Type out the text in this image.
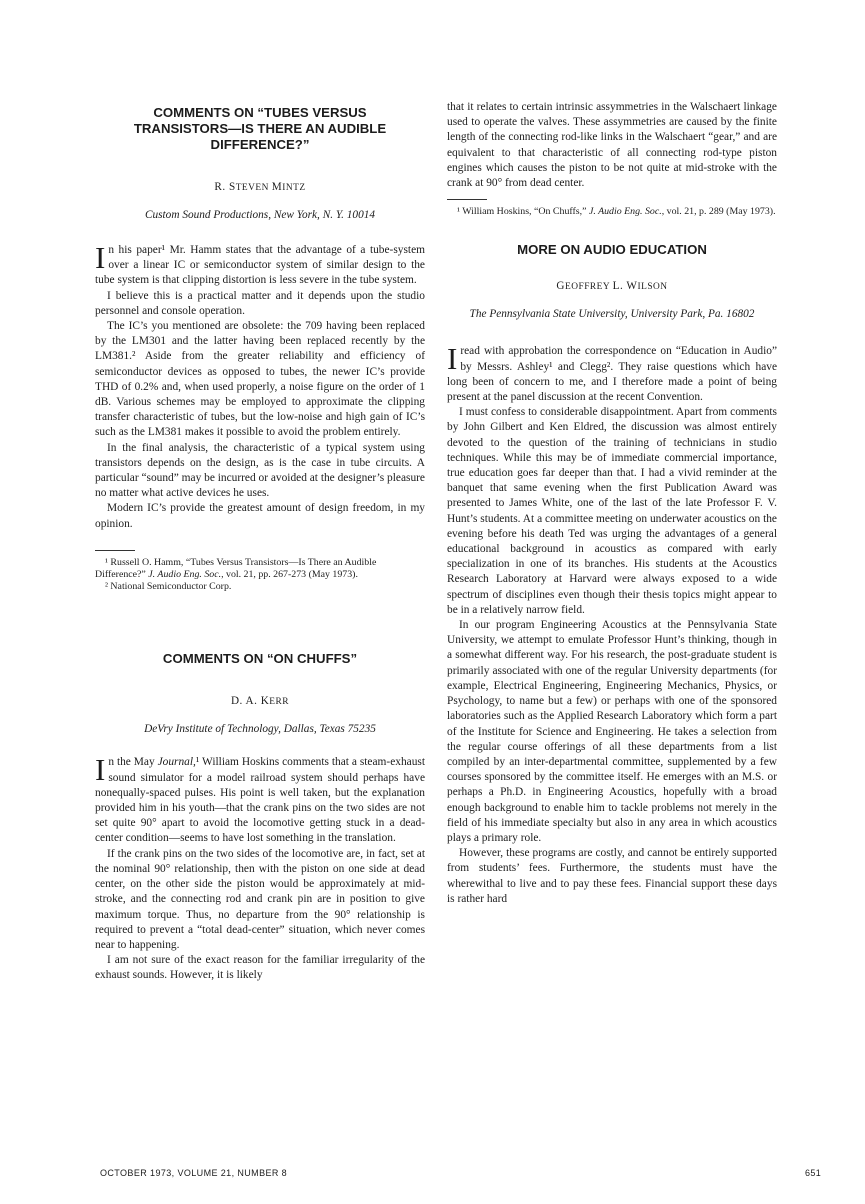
COMMENTS ON “TUBES VERSUS TRANSISTORS—IS THERE AN AUDIBLE DIFFERENCE?”
R. STEVEN MINTZ
Custom Sound Productions, New York, N. Y. 10014

In his paper¹ Mr. Hamm states that the advantage of a tube-system over a linear IC or semiconductor system of similar design to the tube system is that clipping distortion is less severe in the tube system.

I believe this is a practical matter and it depends upon the studio personnel and console operation.

The IC’s you mentioned are obsolete: the 709 having been replaced by the LM301 and the latter having been replaced recently by the LM381.² Aside from the greater reliability and efficiency of semiconductor devices as opposed to tubes, the newer IC’s provide THD of 0.2% and, when used properly, a noise figure on the order of 1 dB. Various schemes may be employed to approximate the clipping transfer characteristic of tubes, but the low-noise and high gain of IC’s such as the LM381 makes it possible to avoid the problem entirely.

In the final analysis, the characteristic of a typical system using transistors depends on the design, as is the case in tube circuits. A particular “sound” may be incurred or avoided at the designer’s pleasure no matter what active devices he uses.

Modern IC’s provide the greatest amount of design freedom, in my opinion.

¹ Russell O. Hamm, “Tubes Versus Transistors—Is There an Audible Difference?” J. Audio Eng. Soc., vol. 21, pp. 267-273 (May 1973).

² National Semiconductor Corp.

COMMENTS ON “ON CHUFFS”
D. A. KERR
DeVry Institute of Technology, Dallas, Texas 75235

In the May Journal,¹ William Hoskins comments that a steam-exhaust sound simulator for a model railroad system should perhaps have nonequally-spaced pulses. His point is well taken, but the explanation provided him in his youth—that the crank pins on the two sides are not set quite 90° apart to avoid the locomotive getting stuck in a dead-center condition—seems to have lost something in the translation.

If the crank pins on the two sides of the locomotive are, in fact, set at the nominal 90° relationship, then with the piston on one side at dead center, on the other side the piston would be approximately at mid-stroke, and the connecting rod and crank pin are in position to give maximum torque. Thus, no departure from the 90° relationship is required to prevent a “total dead-center” situation, which never comes near to happening.

I am not sure of the exact reason for the familiar irregularity of the exhaust sounds. However, it is likely

that it relates to certain intrinsic assymmetries in the Walschaert linkage used to operate the valves. These assymmetries are caused by the finite length of the connecting rod-like links in the Walschaert “gear,” and are equivalent to that characteristic of all connecting rod-type piston engines which causes the piston to be not quite at mid-stroke with the crank at 90° from dead center.

¹ William Hoskins, “On Chuffs,” J. Audio Eng. Soc., vol. 21, p. 289 (May 1973).

MORE ON AUDIO EDUCATION
GEOFFREY L. WILSON
The Pennsylvania State University, University Park, Pa. 16802

Iread with approbation the correspondence on “Education in Audio” by Messrs. Ashley¹ and Clegg². They raise questions which have long been of concern to me, and I therefore made a point of being present at the panel discussion at the recent Convention.

I must confess to considerable disappointment. Apart from comments by John Gilbert and Ken Eldred, the discussion was almost entirely devoted to the question of the training of technicians in studio techniques. While this may be of immediate commercial importance, true education goes far deeper than that. I had a vivid reminder at the banquet that same evening when the first Publication Award was presented to James White, one of the last of the late Professor F. V. Hunt’s students. At a committee meeting on underwater acoustics on the evening before his death Ted was urging the advantages of a general educational background in acoustics as compared with early specialization in one of its branches. His students at the Acoustics Research Laboratory at Harvard were always exposed to a wide spectrum of disciplines even though their thesis topics might appear to be in a relatively narrow field.

In our program Engineering Acoustics at the Pennsylvania State University, we attempt to emulate Professor Hunt’s thinking, though in a somewhat different way. For his research, the post-graduate student is primarily associated with one of the regular University departments (for example, Electrical Engineering, Engineering Mechanics, Physics, or Psychology, to name but a few) or perhaps with one of the sponsored laboratories such as the Applied Research Laboratory which form a part of the Institute for Science and Engineering. He takes a selection from the regular course offerings of all these departments from a list compiled by an inter-departmental committee, supplemented by a few courses sponsored by the committee itself. He emerges with an M.S. or perhaps a Ph.D. in Engineering Acoustics, hopefully with a broad enough background to enable him to tackle problems not merely in the field of his immediate specialty but also in any area in which acoustics plays a primary role.

However, these programs are costly, and cannot be entirely supported from students’ fees. Furthermore, the students must have the wherewithal to live and to pay these fees. Financial support these days is rather hard

OCTOBER 1973, VOLUME 21, NUMBER 8	651
